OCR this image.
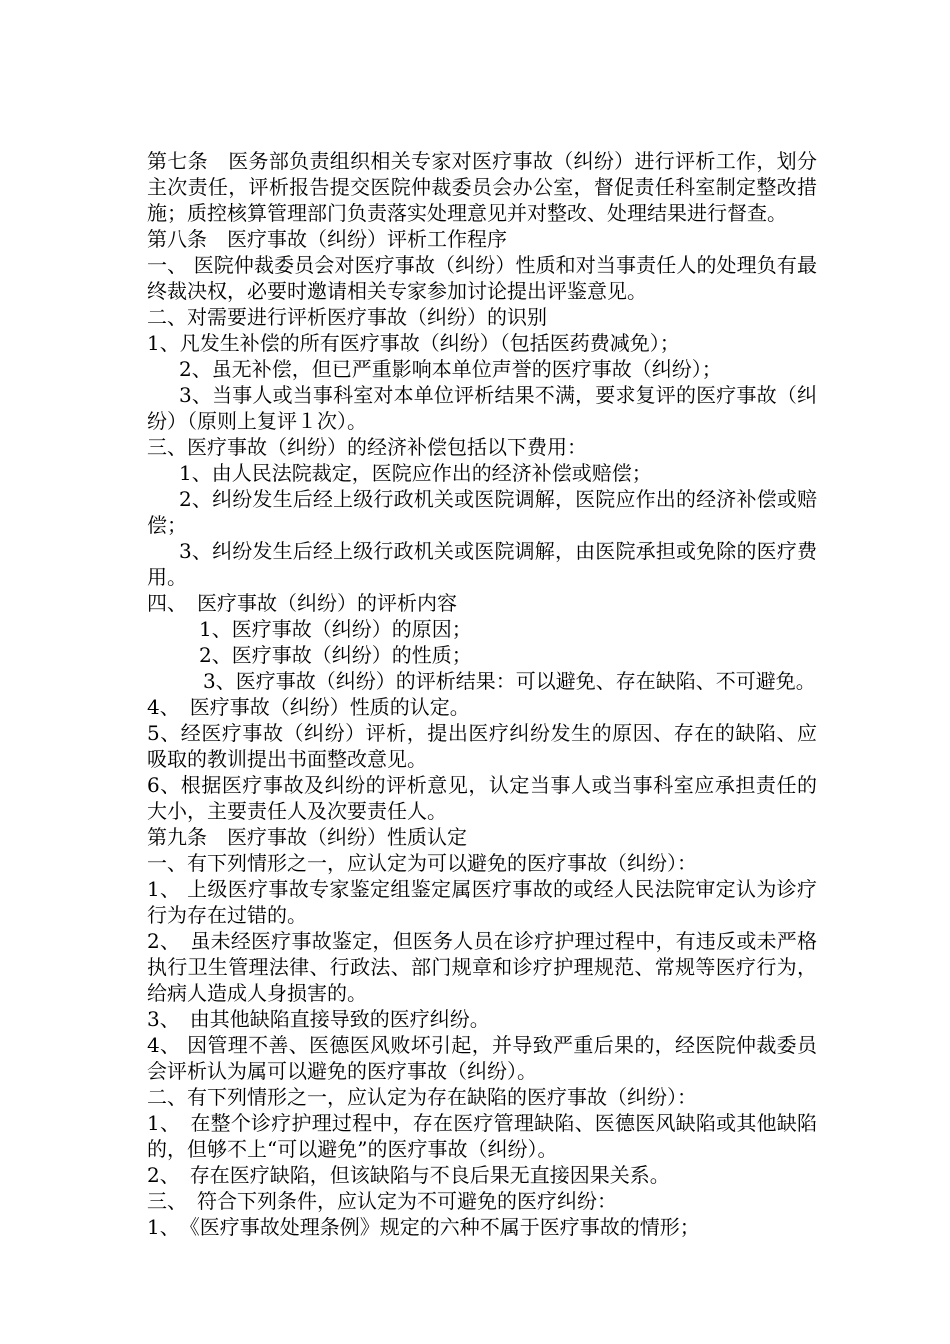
第七条　医务部负责组织相关专家对医疗事故（纠纷）进行评析工作，划分主次责任，评析报告提交医院仲裁委员会办公室，督促责任科室制定整改措施；质控核算管理部门负责落实处理意见并对整改、处理结果进行督查。

第八条　医疗事故（纠纷）评析工作程序

一、 医院仲裁委员会对医疗事故（纠纷）性质和对当事责任人的处理负有最终裁决权，必要时邀请相关专家参加讨论提出评鉴意见。

二、对需要进行评析医疗事故（纠纷）的识别

1、凡发生补偿的所有医疗事故（纠纷）（包括医药费减免）；

2、虽无补偿，但已严重影响本单位声誉的医疗事故（纠纷）；

3、当事人或当事科室对本单位评析结果不满，要求复评的医疗事故（纠纷）（原则上复评１次）。

三、医疗事故（纠纷）的经济补偿包括以下费用：

1、由人民法院裁定，医院应作出的经济补偿或赔偿；

2、纠纷发生后经上级行政机关或医院调解，医院应作出的经济补偿或赔偿；

3、纠纷发生后经上级行政机关或医院调解，由医院承担或免除的医疗费用。

四、　医疗事故（纠纷）的评析内容

1、医疗事故（纠纷）的原因；

2、医疗事故（纠纷）的性质；

3、医疗事故（纠纷）的评析结果：可以避免、存在缺陷、不可避免。

4、　医疗事故（纠纷）性质的认定。

5、经医疗事故（纠纷）评析，提出医疗纠纷发生的原因、存在的缺陷、应吸取的教训提出书面整改意见。

6、根据医疗事故及纠纷的评析意见，认定当事人或当事科室应承担责任的大小，主要责任人及次要责任人。

第九条　医疗事故（纠纷）性质认定

一、有下列情形之一，应认定为可以避免的医疗事故（纠纷）：

1、 上级医疗事故专家鉴定组鉴定属医疗事故的或经人民法院审定认为诊疗行为存在过错的。

2、　虽未经医疗事故鉴定，但医务人员在诊疗护理过程中，有违反或未严格执行卫生管理法律、行政法、部门规章和诊疗护理规范、常规等医疗行为，给病人造成人身损害的。

3、　由其他缺陷直接导致的医疗纠纷。

4、 因管理不善、医德医风败坏引起，并导致严重后果的，经医院仲裁委员会评析认为属可以避免的医疗事故（纠纷）。

二、有下列情形之一，应认定为存在缺陷的医疗事故（纠纷）：

1、　在整个诊疗护理过程中，存在医疗管理缺陷、医德医风缺陷或其他缺陷的，但够不上“可以避免”的医疗事故（纠纷）。

2、　存在医疗缺陷，但该缺陷与不良后果无直接因果关系。

三、　符合下列条件，应认定为不可避免的医疗纠纷：

1、　《医疗事故处理条例》规定的六种不属于医疗事故的情形；
